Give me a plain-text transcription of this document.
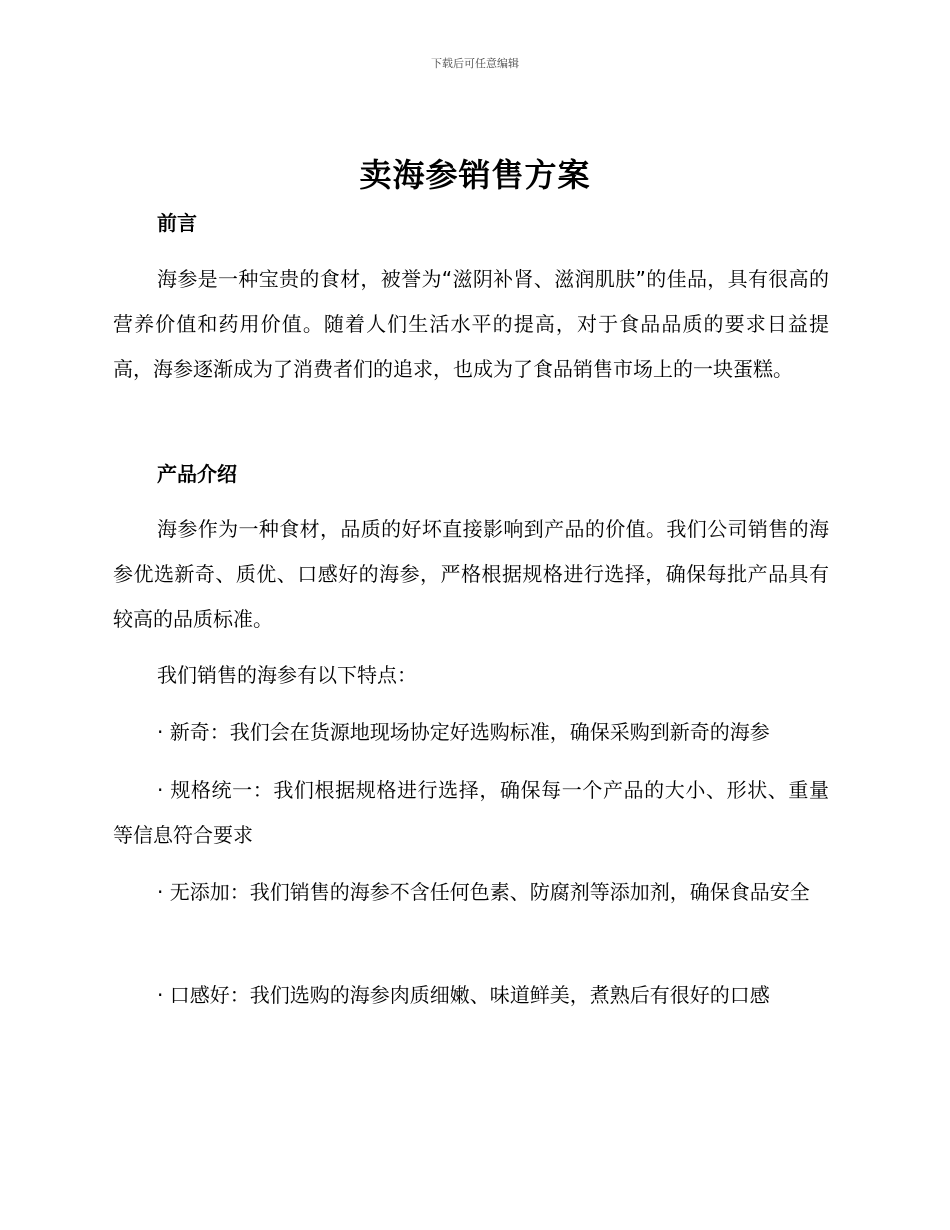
下载后可任意编辑
卖海参销售方案
前言
海参是一种宝贵的食材，被誉为“滋阴补肾、滋润肌肤”的佳品，具有很高的营养价值和药用价值。随着人们生活水平的提高，对于食品品质的要求日益提高，海参逐渐成为了消费者们的追求，也成为了食品销售市场上的一块蛋糕。
产品介绍
海参作为一种食材，品质的好坏直接影响到产品的价值。我们公司销售的海参优选新奇、质优、口感好的海参，严格根据规格进行选择，确保每批产品具有较高的品质标准。
我们销售的海参有以下特点：
· 新奇：我们会在货源地现场协定好选购标准，确保采购到新奇的海参
· 规格统一：我们根据规格进行选择，确保每一个产品的大小、形状、重量等信息符合要求
· 无添加：我们销售的海参不含任何色素、防腐剂等添加剂，确保食品安全
· 口感好：我们选购的海参肉质细嫩、味道鲜美，煮熟后有很好的口感
